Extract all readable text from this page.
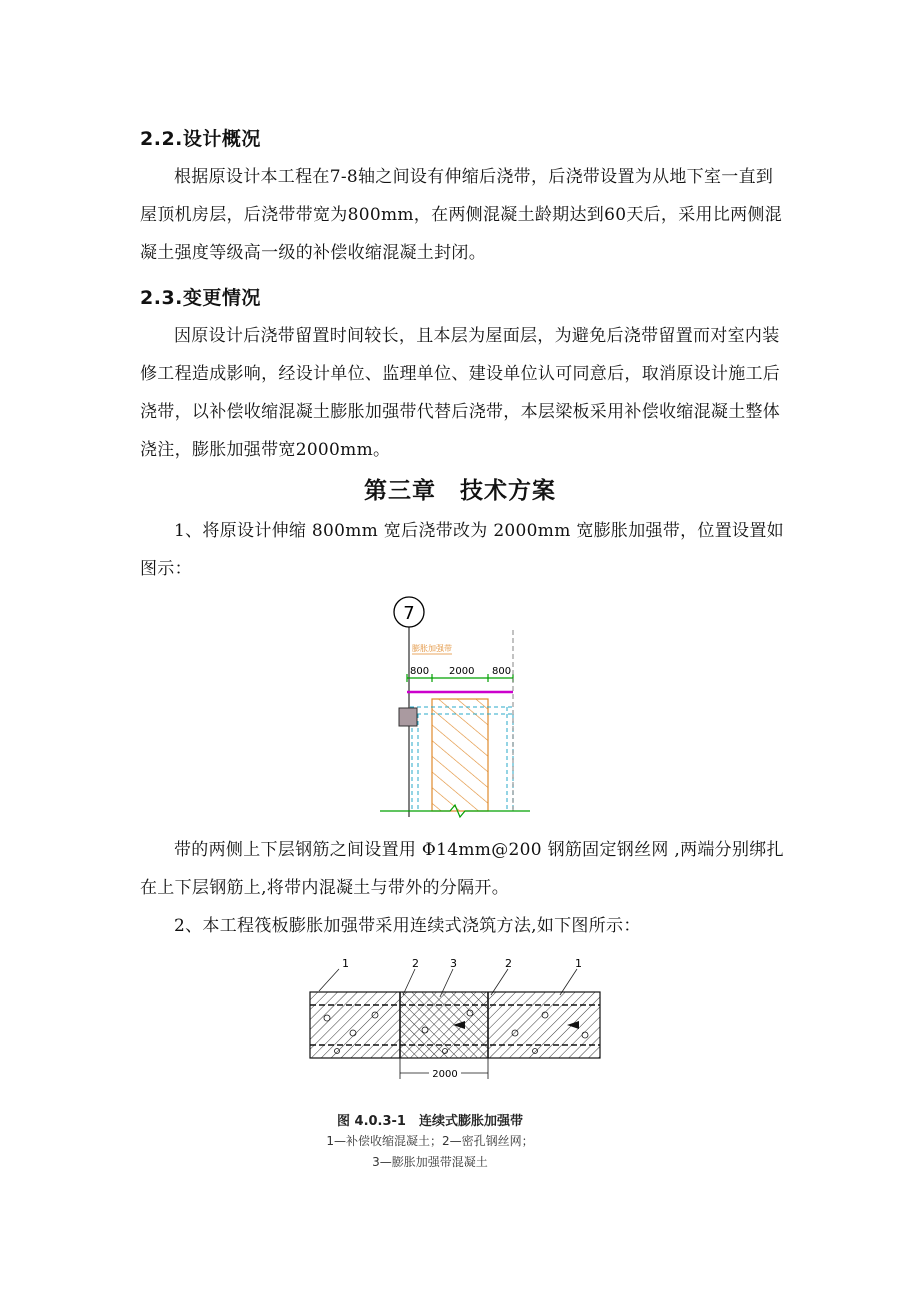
2.2.设计概况

根据原设计本工程在7-8轴之间设有伸缩后浇带，后浇带设置为从地下室一直到屋顶机房层，后浇带带宽为800mm，在两侧混凝土龄期达到60天后，采用比两侧混凝土强度等级高一级的补偿收缩混凝土封闭。

2.3.变更情况

因原设计后浇带留置时间较长，且本层为屋面层，为避免后浇带留置而对室内装修工程造成影响，经设计单位、监理单位、建设单位认可同意后，取消原设计施工后浇带，以补偿收缩混凝土膨胀加强带代替后浇带，本层梁板采用补偿收缩混凝土整体浇注，膨胀加强带宽2000mm。

第三章　技术方案

1、将原设计伸缩 800mm 宽后浇带改为 2000mm 宽膨胀加强带，位置设置如图示：

7
膨胀加强带
800 2000 800

带的两侧上下层钢筋之间设置用 Φ14mm@200 钢筋固定钢丝网 ,两端分别绑扎在上下层钢筋上,将带内混凝土与带外的分隔开。

2、本工程筏板膨胀加强带采用连续式浇筑方法,如下图所示：

1	2	3	2	1
2000

图 4.0.3-1　连续式膨胀加强带

1—补偿收缩混凝土；2—密孔钢丝网；

3—膨胀加强带混凝土
